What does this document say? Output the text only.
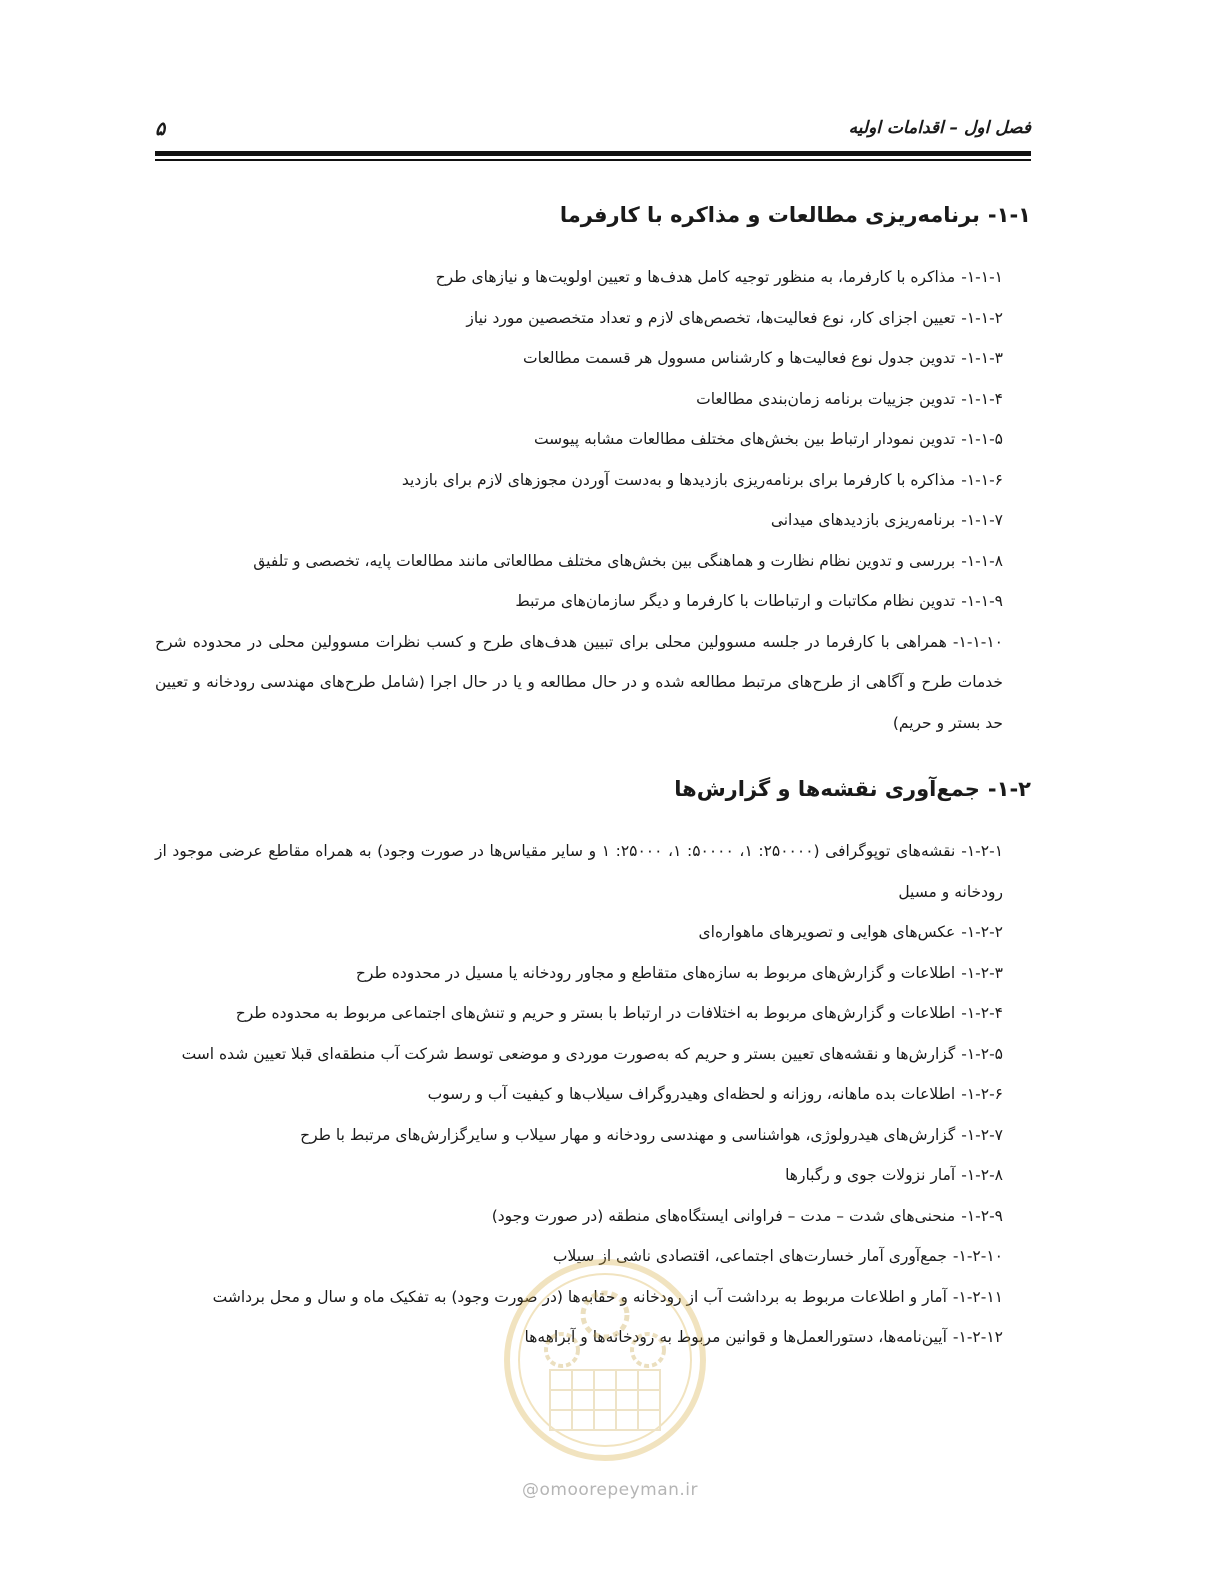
فصل اول – اقدامات اولیه
۵
۱-۱-برنامه‌ریزی مطالعات و مذاکره با کارفرما
۱-۱-۱-مذاکره با کارفرما، به منظور توجیه کامل هدف‌ها و تعیین اولویت‌ها و نیازهای طرح
۱-۱-۲-تعیین اجزای کار، نوع فعالیت‌ها، تخصص‌های لازم و تعداد متخصصین مورد نیاز
۱-۱-۳-تدوین جدول نوع فعالیت‌ها و کارشناس مسوول هر قسمت مطالعات
۱-۱-۴-تدوین جزییات برنامه زمان‌بندی مطالعات
۱-۱-۵-تدوین نمودار ارتباط بین بخش‌های مختلف مطالعات مشابه پیوست
۱-۱-۶-مذاکره با کارفرما برای برنامه‌ریزی بازدیدها و به‌دست آوردن مجوزهای لازم برای بازدید
۱-۱-۷-برنامه‌ریزی بازدیدهای میدانی
۱-۱-۸-بررسی و تدوین نظام نظارت و هماهنگی بین بخش‌های مختلف مطالعاتی مانند مطالعات پایه، تخصصی و تلفیق
۱-۱-۹-تدوین نظام مکاتبات و ارتباطات با کارفرما و دیگر سازمان‌های مرتبط
۱-۱-۱۰-همراهی با کارفرما در جلسه مسوولین محلی برای تبیین هدف‌های طرح و کسب نظرات مسوولین محلی در محدوده شرح خدمات طرح و آگاهی از طرح‌های مرتبط مطالعه شده و در حال مطالعه و یا در حال اجرا (شامل طرح‌های مهندسی رودخانه و تعیین حد بستر و حریم)
۱-۲-جمع‌آوری نقشه‌ها و گزارش‌ها
۱-۲-۱-نقشه‌های توپوگرافی (۲۵۰۰۰۰: ۱، ۵۰۰۰۰: ۱، ۲۵۰۰۰: ۱ و سایر مقیاس‌ها در صورت وجود) به همراه مقاطع عرضی موجود از رودخانه و مسیل
۱-۲-۲-عکس‌های هوایی و تصویرهای ماهواره‌ای
۱-۲-۳-اطلاعات و گزارش‌های مربوط به سازه‌های متقاطع و مجاور رودخانه یا مسیل در محدوده طرح
۱-۲-۴-اطلاعات و گزارش‌های مربوط به اختلافات در ارتباط با بستر و حریم و تنش‌های اجتماعی مربوط به محدوده طرح
۱-۲-۵-گزارش‌ها و نقشه‌های تعیین بستر و حریم که به‌صورت موردی و موضعی توسط شرکت آب منطقه‌ای قبلا تعیین شده است
۱-۲-۶-اطلاعات بده ماهانه، روزانه و لحظه‌ای وهیدروگراف سیلاب‌ها و کیفیت آب و رسوب
۱-۲-۷-گزارش‌های هیدرولوژی، هواشناسی و مهندسی رودخانه و مهار سیلاب و سایرگزارش‌های مرتبط با طرح
۱-۲-۸-آمار نزولات جوی و رگبارها
۱-۲-۹-منحنی‌های شدت – مدت – فراوانی ایستگاه‌های منطقه (در صورت وجود)
۱-۲-۱۰-جمع‌آوری آمار خسارت‌های اجتماعی، اقتصادی ناشی از سیلاب
۱-۲-۱۱-آمار و اطلاعات مربوط به برداشت آب از رودخانه و حقابه‌ها (در صورت وجود) به تفکیک ماه و سال و محل برداشت
۱-۲-۱۲-آیین‌نامه‌ها، دستورالعمل‌ها و قوانین مربوط به رودخانه‌ها و آبراهه‌ها
@omoorepeyman.ir
